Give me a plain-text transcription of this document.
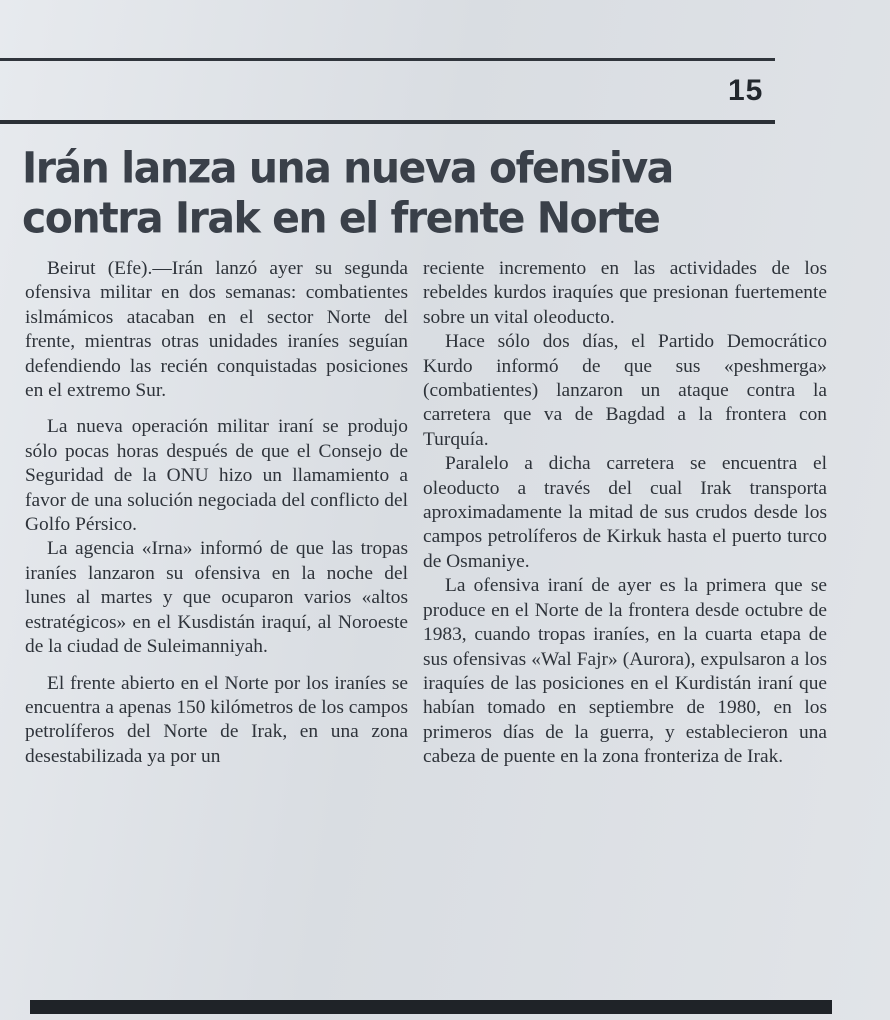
15
Irán lanza una nueva ofensiva
contra Irak en el frente Norte

Beirut (Efe).—Irán lanzó ayer su segunda ofensiva militar en dos semanas: combatientes islmámicos atacaban en el sector Norte del frente, mientras otras unidades iraníes seguían defendiendo las recién conquistadas posiciones en el extremo Sur.

La nueva operación militar iraní se produjo sólo pocas horas después de que el Consejo de Seguridad de la ONU hizo un llamamiento a favor de una solución negociada del conflicto del Golfo Pérsico.

La agencia «Irna» informó de que las tropas iraníes lanzaron su ofensiva en la noche del lunes al martes y que ocuparon varios «altos estratégicos» en el Kusdistán iraquí, al Noroeste de la ciudad de Suleimanniyah.

El frente abierto en el Norte por los iraníes se encuentra a apenas 150 kilómetros de los campos petrolíferos del Norte de Irak, en una zona desestabilizada ya por un

reciente incremento en las actividades de los rebeldes kurdos iraquíes que presionan fuertemente sobre un vital oleoducto.

Hace sólo dos días, el Partido Democrático Kurdo informó de que sus «peshmerga» (combatientes) lanzaron un ataque contra la carretera que va de Bagdad a la frontera con Turquía.

Paralelo a dicha carretera se encuentra el oleoducto a través del cual Irak transporta aproximadamente la mitad de sus crudos desde los campos petrolíferos de Kirkuk hasta el puerto turco de Osmaniye.

La ofensiva iraní de ayer es la primera que se produce en el Norte de la frontera desde octubre de 1983, cuando tropas iraníes, en la cuarta etapa de sus ofensivas «Wal Fajr» (Aurora), expulsaron a los iraquíes de las posiciones en el Kurdistán iraní que habían tomado en septiembre de 1980, en los primeros días de la guerra, y establecieron una cabeza de puente en la zona fronteriza de Irak.
